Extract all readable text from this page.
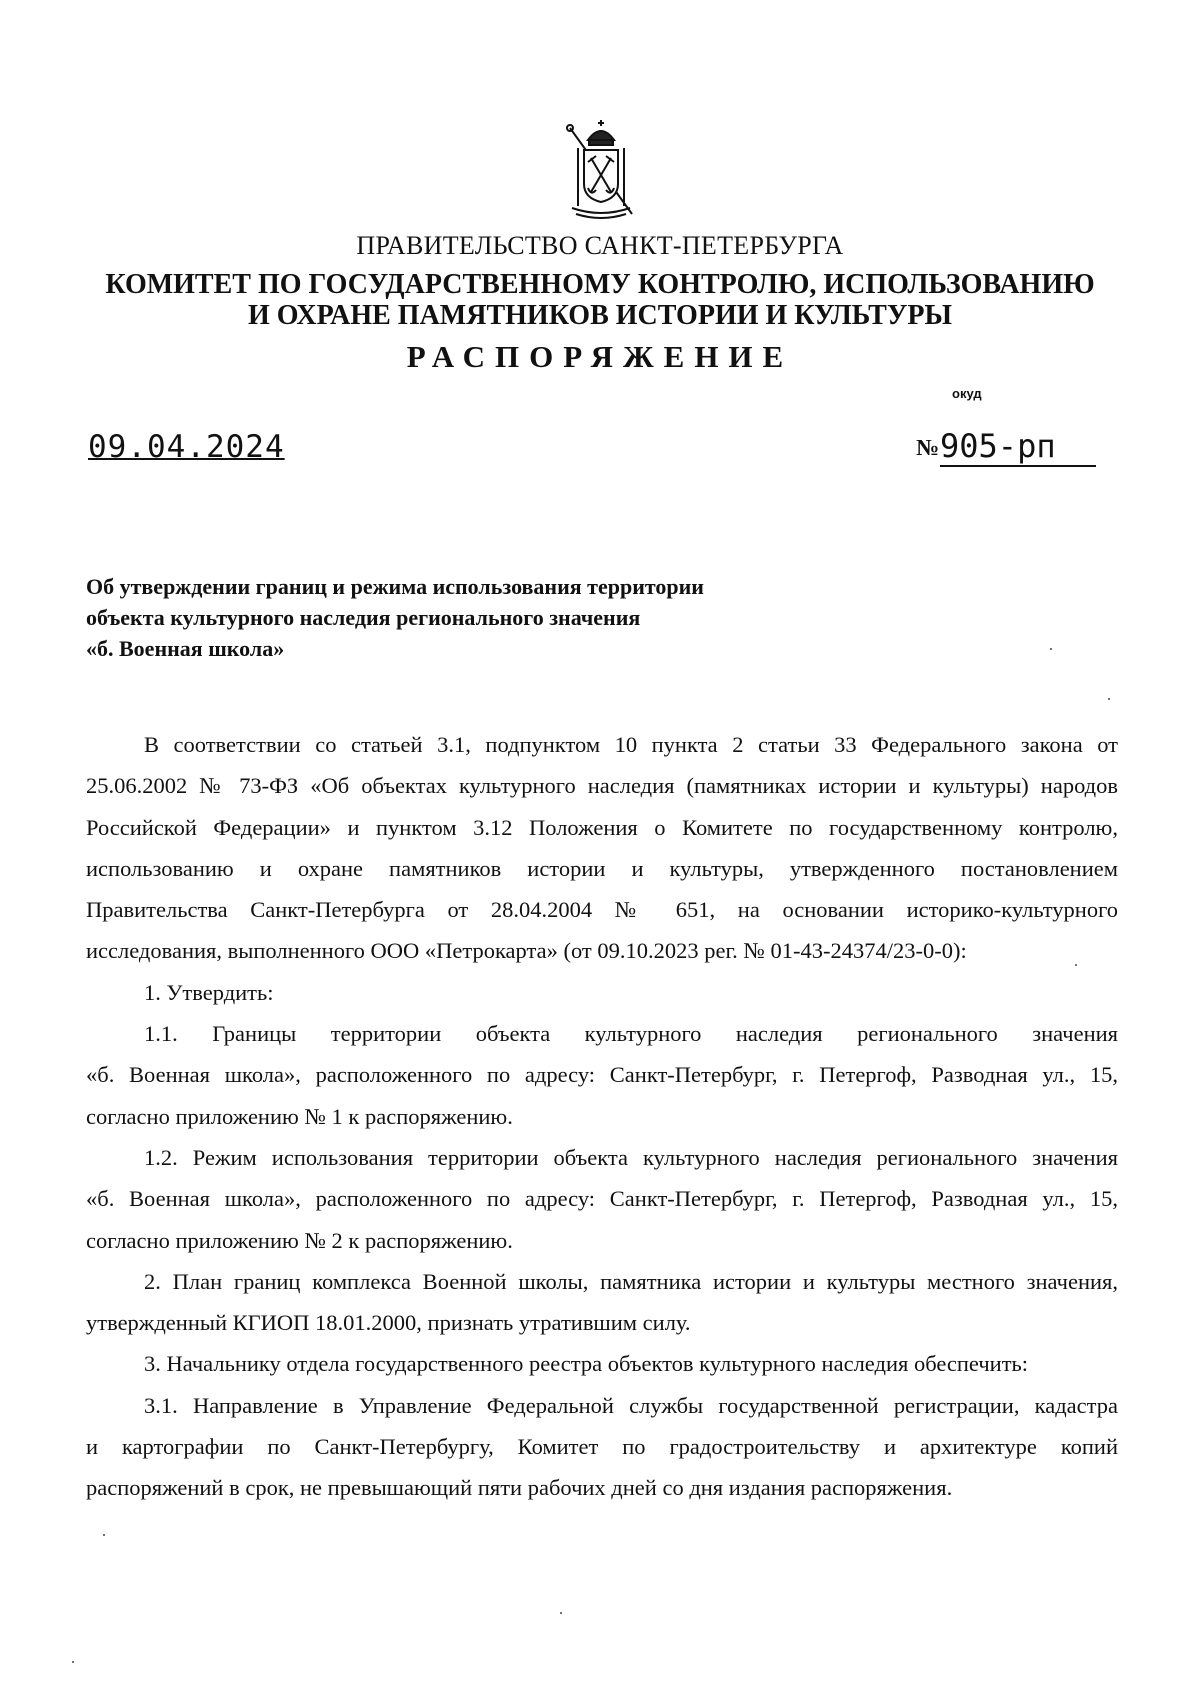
ПРАВИТЕЛЬСТВО САНКТ-ПЕТЕРБУРГА
КОМИТЕТ ПО ГОСУДАРСТВЕННОМУ КОНТРОЛЮ, ИСПОЛЬЗОВАНИЮ
И ОХРАНЕ ПАМЯТНИКОВ ИСТОРИИ И КУЛЬТУРЫ
РАСПОРЯЖЕНИЕ
окуд
09.04.2024	№ 905-рп
Об утверждении границ и режима использования территории
объекта культурного наследия регионального значения
«б. Военная школа»

В соответствии со статьей 3.1, подпунктом 10 пункта 2 статьи 33 Федерального закона от

25.06.2002 № 73-ФЗ «Об объектах культурного наследия (памятниках истории и культуры) народов

Российской Федерации» и пунктом 3.12 Положения о Комитете по государственному контролю,

использованию и охране памятников истории и культуры, утвержденного постановлением

Правительства Санкт-Петербурга от 28.04.2004 № 651, на основании историко-культурного

исследования, выполненного ООО «Петрокарта» (от 09.10.2023 рег. № 01-43-24374/23-0-0):

1. Утвердить:

1.1. Границы территории объекта культурного наследия регионального значения

«б. Военная школа», расположенного по адресу: Санкт-Петербург, г. Петергоф, Разводная ул., 15,

согласно приложению № 1 к распоряжению.

1.2. Режим использования территории объекта культурного наследия регионального значения

«б. Военная школа», расположенного по адресу: Санкт-Петербург, г. Петергоф, Разводная ул., 15,

согласно приложению № 2 к распоряжению.

2. План границ комплекса Военной школы, памятника истории и культуры местного значения,

утвержденный КГИОП 18.01.2000, признать утратившим силу.

3. Начальнику отдела государственного реестра объектов культурного наследия обеспечить:

3.1. Направление в Управление Федеральной службы государственной регистрации, кадастра

и картографии по Санкт-Петербургу, Комитет по градостроительству и архитектуре копий

распоряжений в срок, не превышающий пяти рабочих дней со дня издания распоряжения.
